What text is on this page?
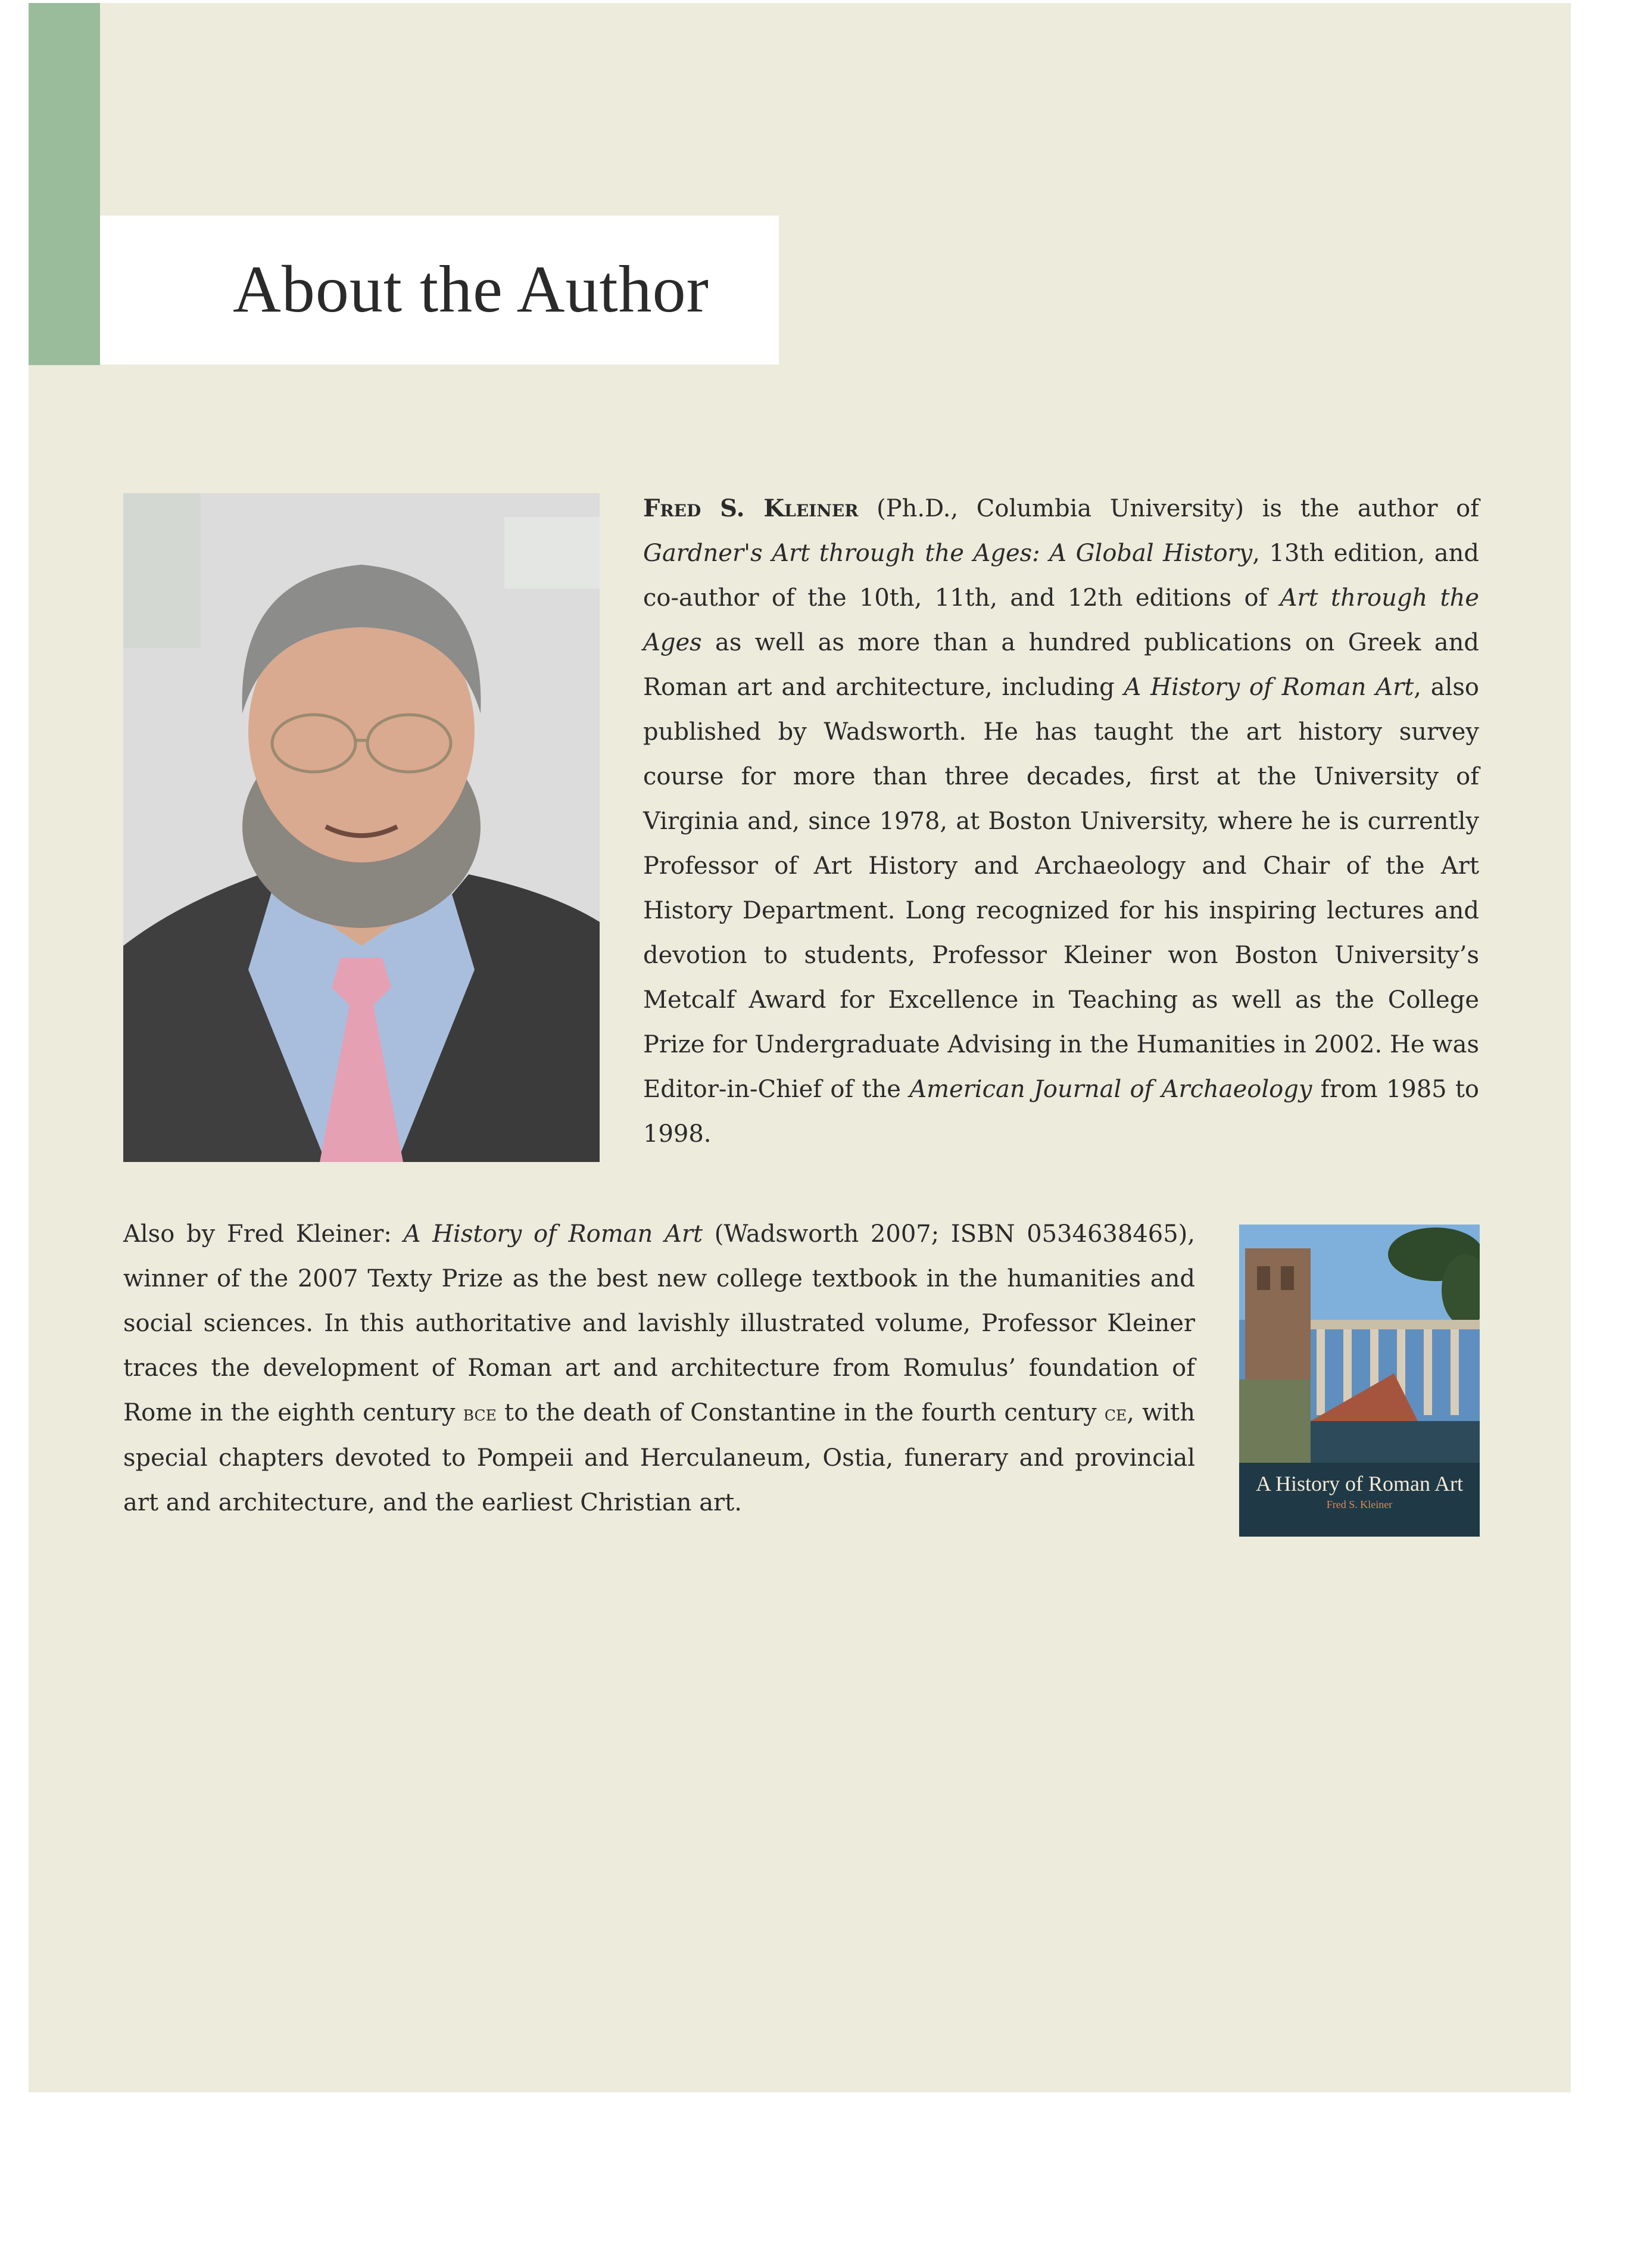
About the Author

Fred S. Kleiner (Ph.D., Columbia University) is the author of Gardner's Art through the Ages: A Global History, 13th edition, and co-author of the 10th, 11th, and 12th editions of Art through the Ages as well as more than a hundred publications on Greek and Roman art and architecture, including A History of Roman Art, also published by Wadsworth. He has taught the art history survey course for more than three decades, first at the University of Virginia and, since 1978, at Boston University, where he is currently Professor of Art History and Archaeology and Chair of the Art History Department. Long recognized for his inspiring lectures and devotion to students, Professor Kleiner won Boston University’s Metcalf Award for Excellence in Teaching as well as the College Prize for Undergraduate Advising in the Humanities in 2002. He was Editor-in-Chief of the American Journal of Archaeology from 1985 to 1998.

Also by Fred Kleiner: A History of Roman Art (Wadsworth 2007; ISBN 0534638465), winner of the 2007 Texty Prize as the best new college textbook in the humanities and social sciences. In this authoritative and lavishly illustrated volume, Professor Kleiner traces the development of Roman art and architecture from Romulus’ foundation of Rome in the eighth century bce to the death of Constantine in the fourth century ce, with special chapters devoted to Pompeii and Herculaneum, Ostia, funerary and provincial art and architecture, and the earliest Christian art.

A History of Roman Art
Fred S. Kleiner
